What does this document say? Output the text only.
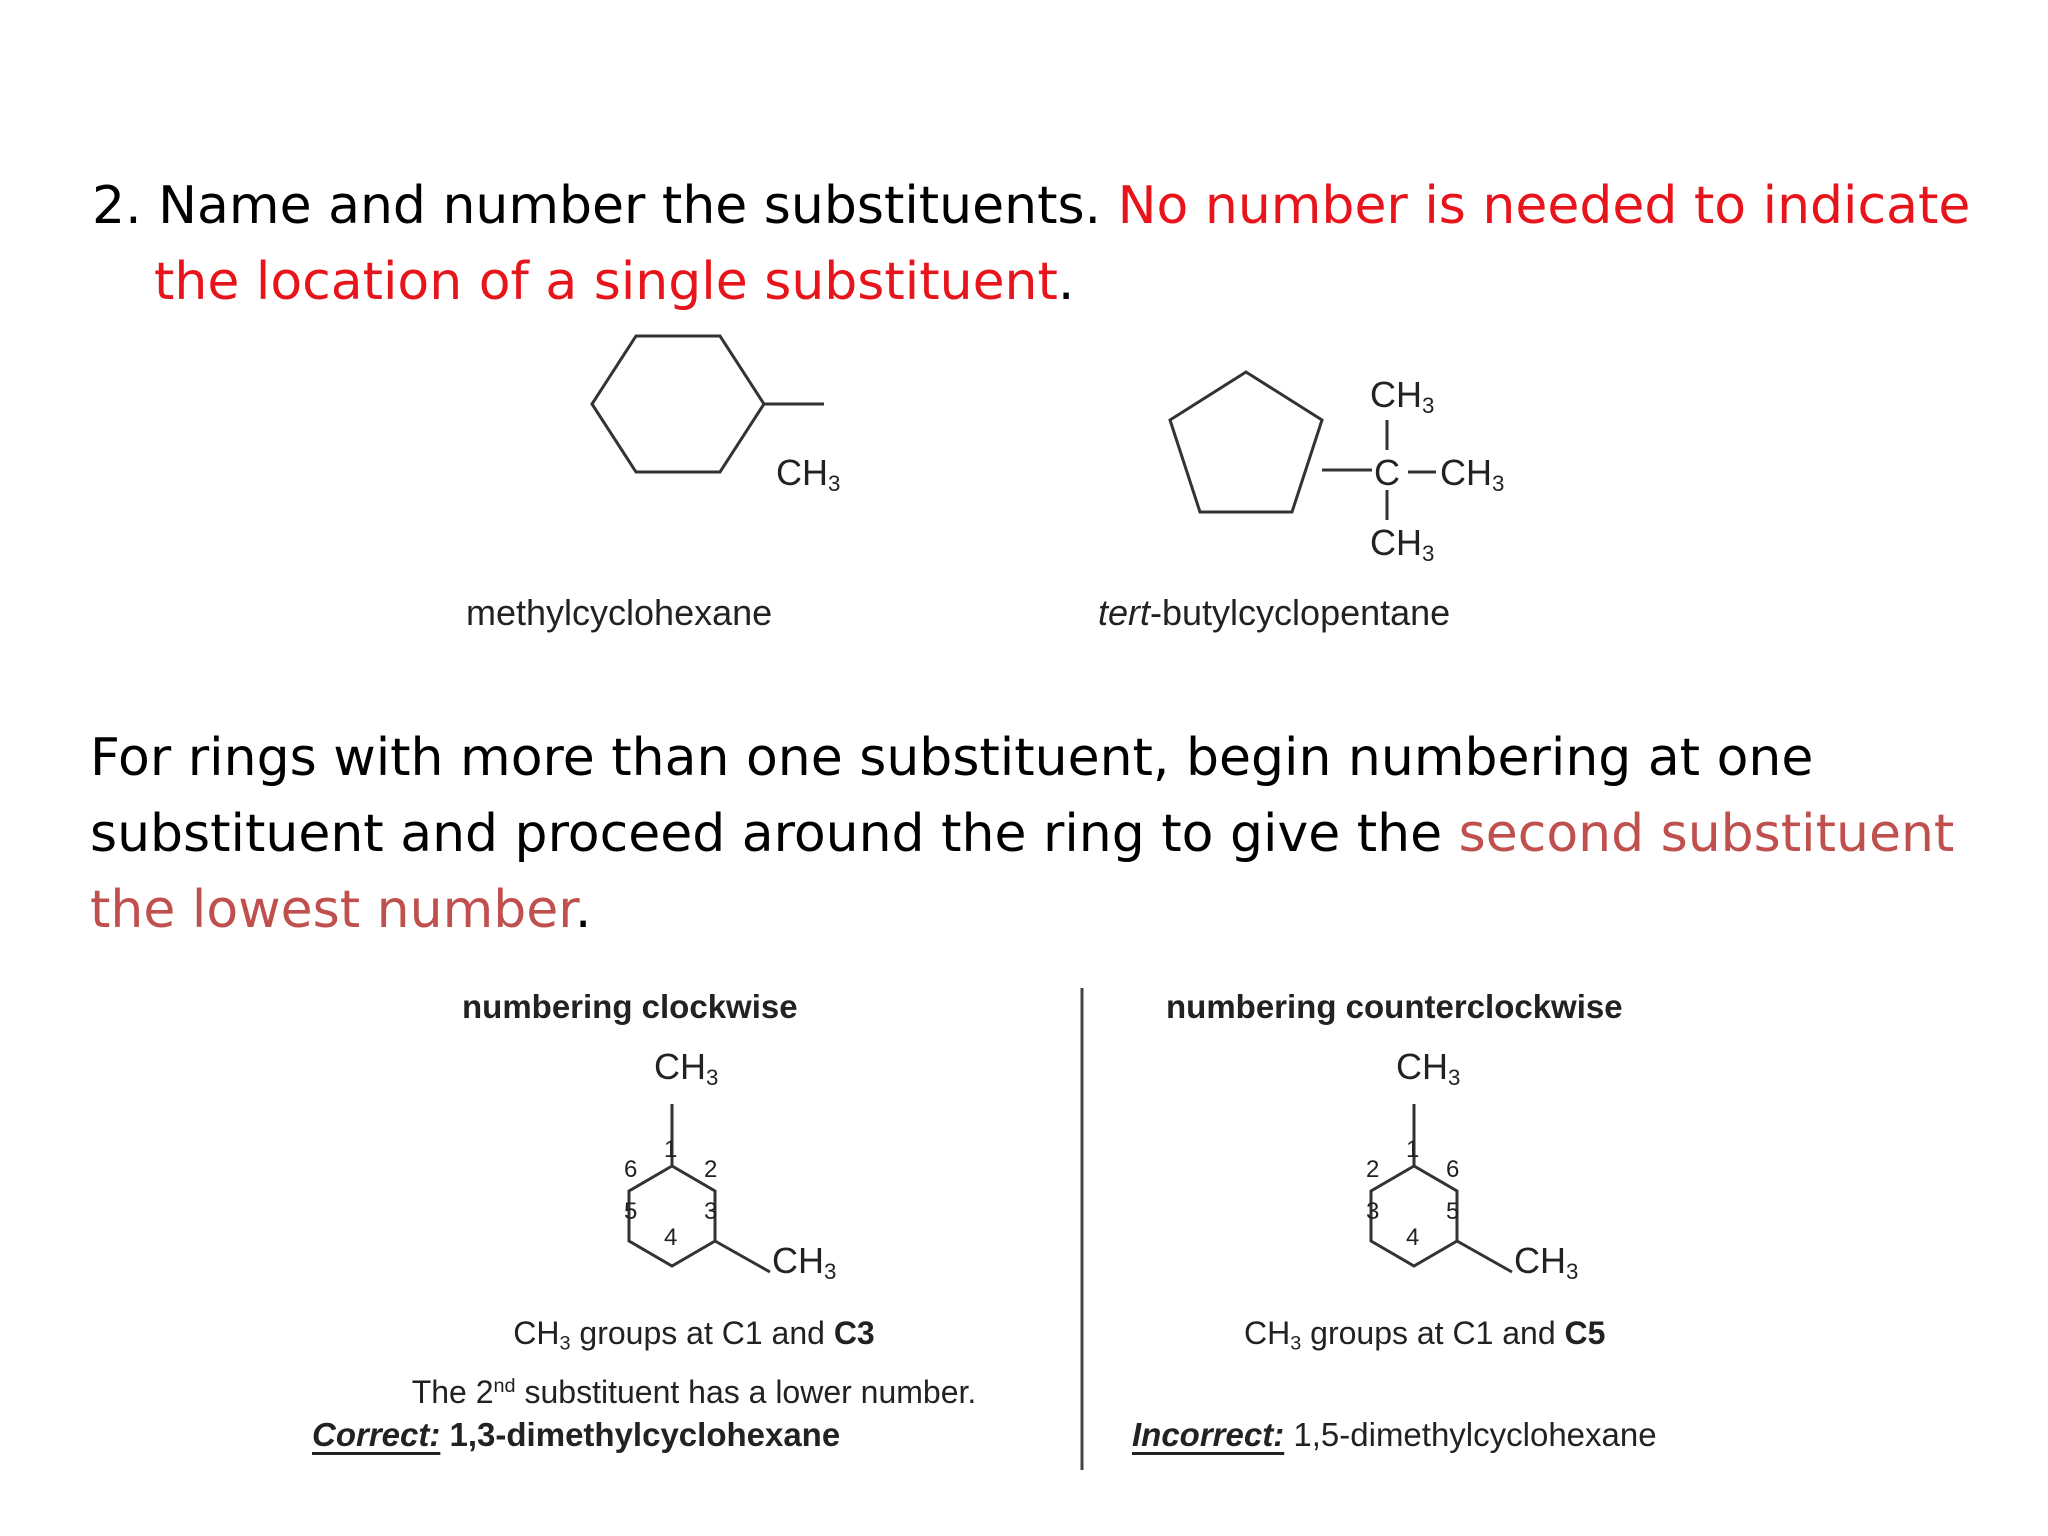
2. Name and number the substituents. No number is needed to indicate
the location of a single substituent.
$CH_3$
methylcyclohexane
$CH_3$
C $CH_3$
$CH_3$
tert-butylcyclopentane
For rings with more than one substituent, begin numbering at one
substituent and proceed around the ring to give the second substituent
the lowest number.
numbering clockwise
$CH_3$
$CH_3$
1
2
3
4
5
6
$CH_3$ groups at C1 and C3
The 2nd substituent has a lower number.
Correct: 1,3-dimethylcyclohexane
numbering counterclockwise
$CH_3$
$CH_3$
1
2
3
4
5
6
$CH_3$ groups at C1 and C5
Incorrect: 1,5-dimethylcyclohexane
